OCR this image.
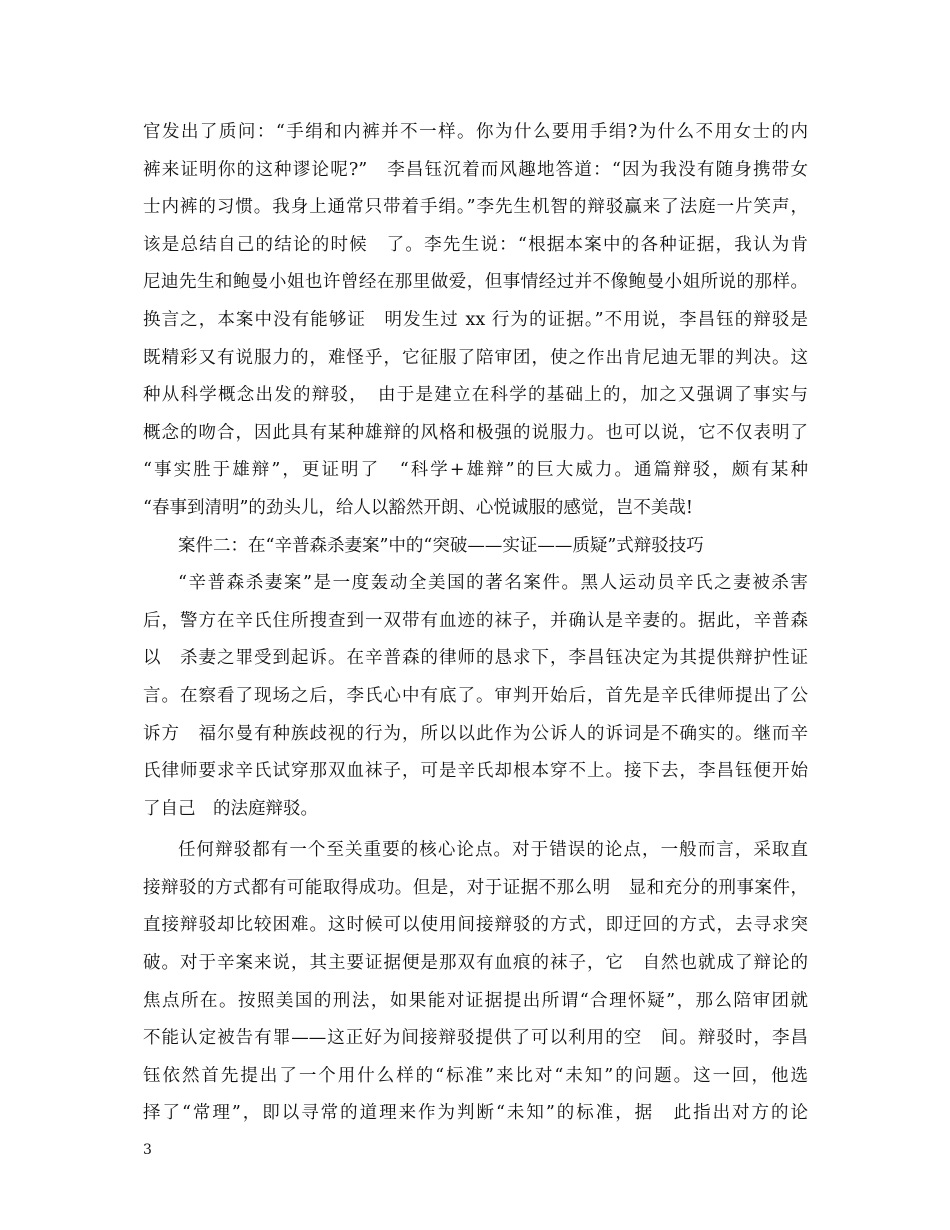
官发出了质问：“手绢和内裤并不一样。你为什么要用手绢?为什么不用女士的内
裤来证明你的这种谬论呢?”　李昌钰沉着而风趣地答道：“因为我没有随身携带女
士内裤的习惯。我身上通常只带着手绢。”李先生机智的辩驳赢来了法庭一片笑声，
该是总结自己的结论的时候　了。李先生说：“根据本案中的各种证据，我认为肯
尼迪先生和鲍曼小姐也许曾经在那里做爱，但事情经过并不像鲍曼小姐所说的那样。
换言之，本案中没有能够证　明发生过 xx 行为的证据。”不用说，李昌钰的辩驳是
既精彩又有说服力的，难怪乎，它征服了陪审团，使之作出肯尼迪无罪的判决。这
种从科学概念出发的辩驳，　由于是建立在科学的基础上的，加之又强调了事实与
概念的吻合，因此具有某种雄辩的风格和极强的说服力。也可以说，它不仅表明了
“事实胜于雄辩”，更证明了　“科学+雄辩”的巨大威力。通篇辩驳，颇有某种
“春事到清明”的劲头儿，给人以豁然开朗、心悦诚服的感觉，岂不美哉!
案件二：在“辛普森杀妻案”中的“突破——实证——质疑”式辩驳技巧
“辛普森杀妻案”是一度轰动全美国的著名案件。黑人运动员辛氏之妻被杀害
后，警方在辛氏住所搜查到一双带有血迹的袜子，并确认是辛妻的。据此，辛普森
以　杀妻之罪受到起诉。在辛普森的律师的恳求下，李昌钰决定为其提供辩护性证
言。在察看了现场之后，李氏心中有底了。审判开始后，首先是辛氏律师提出了公
诉方　福尔曼有种族歧视的行为，所以以此作为公诉人的诉词是不确实的。继而辛
氏律师要求辛氏试穿那双血袜子，可是辛氏却根本穿不上。接下去，李昌钰便开始
了自己　的法庭辩驳。
任何辩驳都有一个至关重要的核心论点。对于错误的论点，一般而言，采取直
接辩驳的方式都有可能取得成功。但是，对于证据不那么明　显和充分的刑事案件，
直接辩驳却比较困难。这时候可以使用间接辩驳的方式，即迂回的方式，去寻求突
破。对于辛案来说，其主要证据便是那双有血痕的袜子，它　自然也就成了辩论的
焦点所在。按照美国的刑法，如果能对证据提出所谓“合理怀疑”，那么陪审团就
不能认定被告有罪——这正好为间接辩驳提供了可以利用的空　间。辩驳时，李昌
钰依然首先提出了一个用什么样的“标准”来比对“未知”的问题。这一回，他选
择了“常理”，即以寻常的道理来作为判断“未知”的标准，据　此指出对方的论
3
